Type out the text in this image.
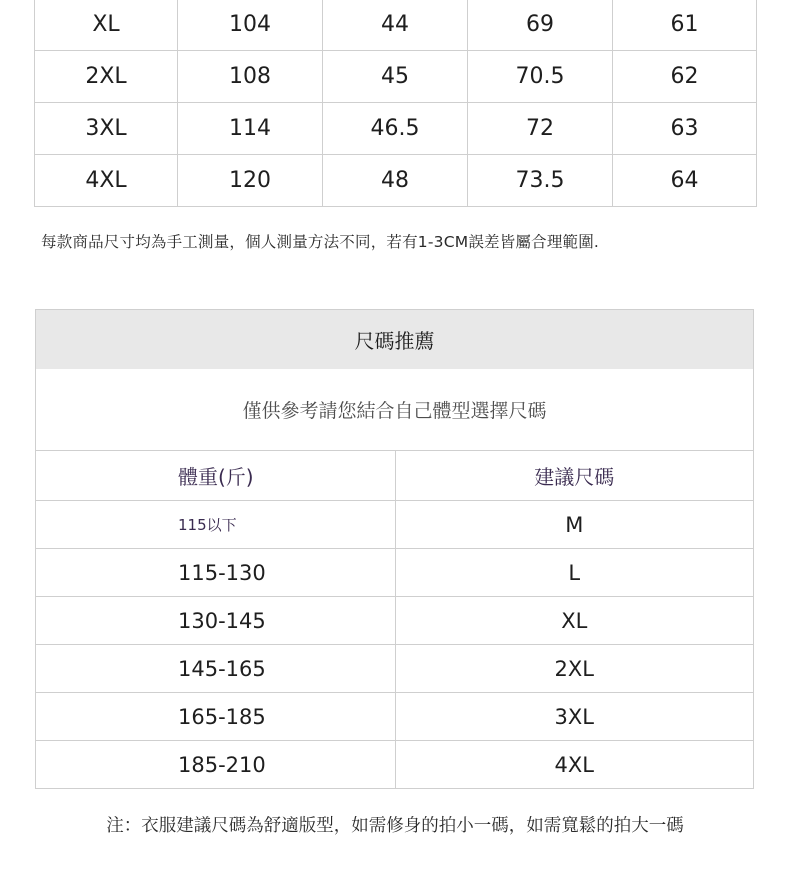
XL	104	44	69	61
2XL	108	45	70.5	62
3XL	114	46.5	72	63
4XL	120	48	73.5	64
每款商品尺寸均為手工測量，個人測量方法不同，若有1-3CM誤差皆屬合理範圍.
尺碼推薦
僅供參考請您結合自己體型選擇尺碼
體重(斤)	建議尺碼
115以下	M
115-130	L
130-145	XL
145-165	2XL
165-185	3XL
185-210	4XL
注：衣服建議尺碼為舒適版型，如需修身的拍小一碼，如需寬鬆的拍大一碼
